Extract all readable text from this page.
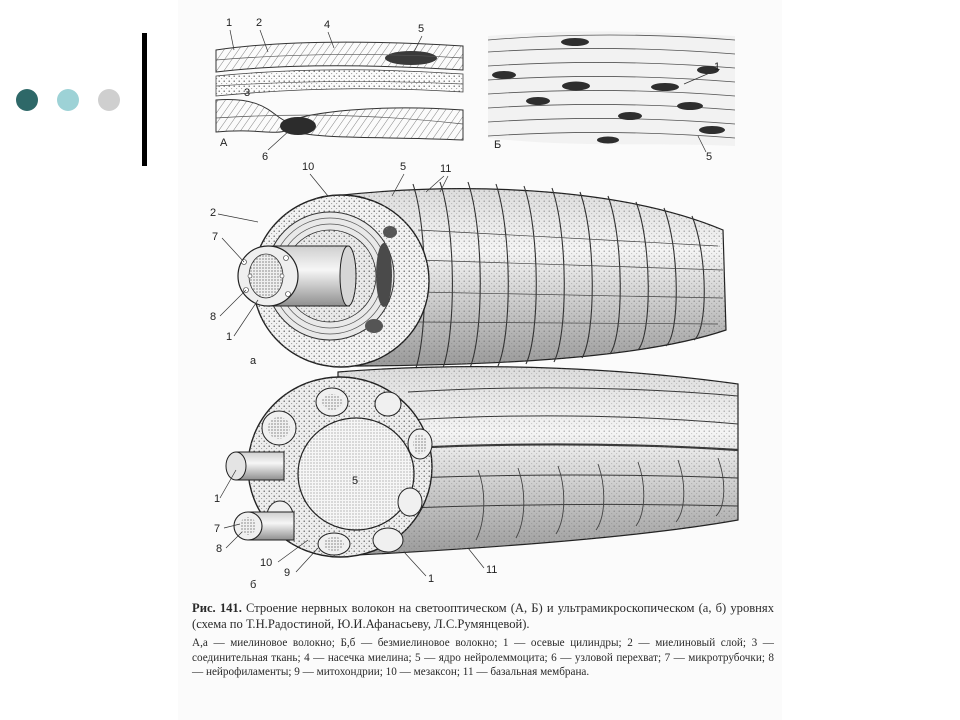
1 2	4	5
3
6
А
1
5
Б
10	5	11
2
7
8
1
а
5
1
7
8
10
9	1
11
б

Рис. 141. Строение нервных волокон на светооптическом (А, Б) и ультрамикроскопическом (а, б) уровнях (схема по Т.Н.Радостиной, Ю.И.Афанасьеву, Л.С.Румянцевой).

А,а — миелиновое волокно; Б,б — безмиелиновое волокно; 1 — осевые цилиндры; 2 — миелиновый слой; 3 — соединительная ткань; 4 — насечка миелина; 5 — ядро нейролеммоцита; 6 — узловой перехват; 7 — микротрубочки; 8 — нейрофиламенты; 9 — митохондрии; 10 — мезаксон; 11 — базальная мембрана.
